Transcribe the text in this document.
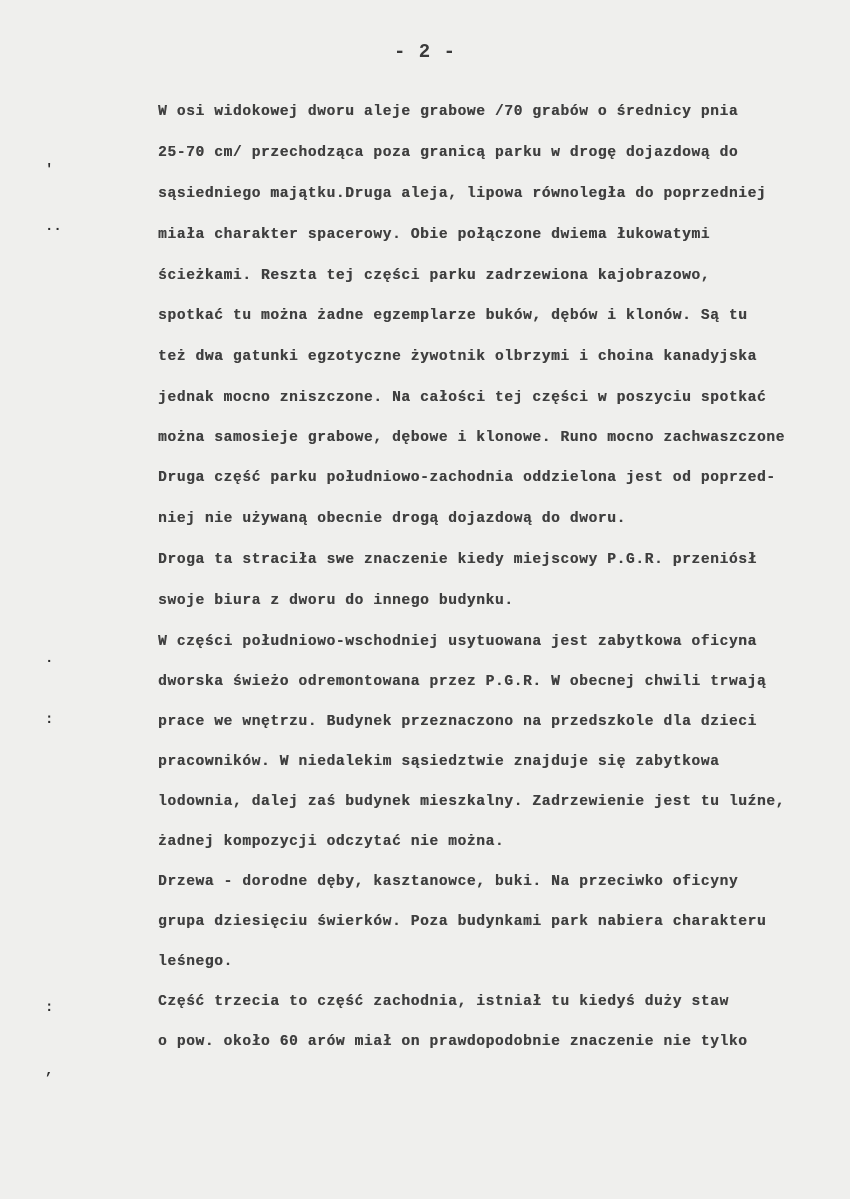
- 2 -
W osi widokowej dworu aleje grabowe /70 grabów o średnicy pnia
25-70 cm/ przechodząca poza granicą parku w drogę dojazdową do
sąsiedniego majątku.Druga aleja, lipowa równoległa do poprzedniej
miała charakter spacerowy. Obie połączone dwiema łukowatymi
ścieżkami. Reszta tej części parku zadrzewiona kajobrazowo,
spotkać tu można żadne egzemplarze buków, dębów i klonów. Są tu
też dwa gatunki egzotyczne żywotnik olbrzymi i choina kanadyjska
jednak mocno zniszczone. Na całości tej części w poszyciu spotkać
można samosieje grabowe, dębowe i klonowe. Runo mocno zachwaszczone
Druga część parku południowo-zachodnia oddzielona jest od poprzed-
niej nie używaną obecnie drogą dojazdową do dworu.
Droga ta straciła swe znaczenie kiedy miejscowy P.G.R. przeniósł
swoje biura z dworu do innego budynku.
W części południowo-wschodniej usytuowana jest zabytkowa oficyna
dworska świeżo odremontowana przez P.G.R. W obecnej chwili trwają
prace we wnętrzu. Budynek przeznaczono na przedszkole dla dzieci
pracowników. W niedalekim sąsiedztwie znajduje się zabytkowa
lodownia, dalej zaś budynek mieszkalny. Zadrzewienie jest tu luźne,
żadnej kompozycji odczytać nie można.
Drzewa - dorodne dęby, kasztanowce, buki. Na przeciwko oficyny
grupa dziesięciu świerków. Poza budynkami park nabiera charakteru
leśnego.
Część trzecia to część zachodnia, istniał tu kiedyś duży staw
o pow. około 60 arów miał on prawdopodobnie znaczenie nie tylko
'
··
·
:
:
,
